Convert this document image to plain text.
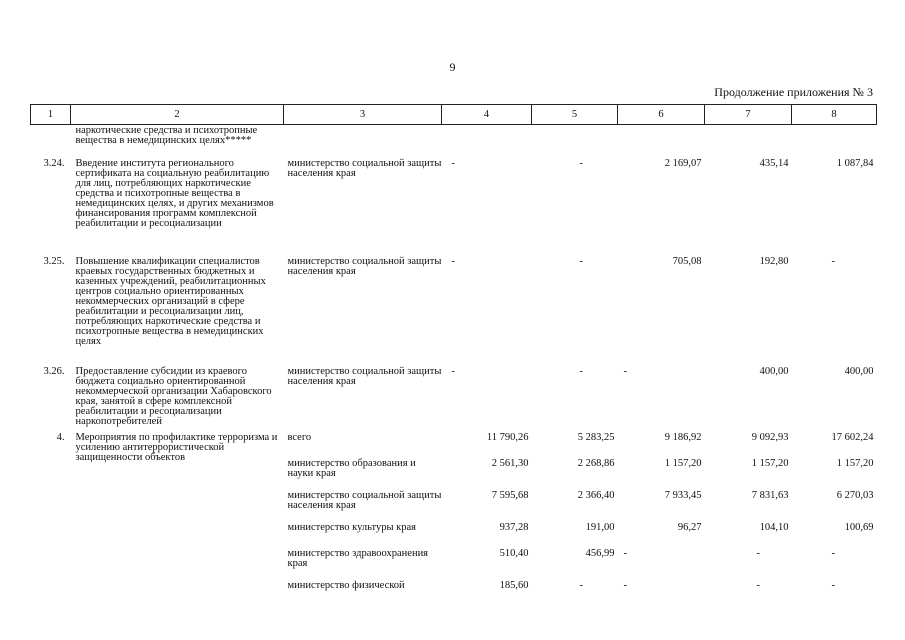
9
Продолжение приложения № 3
1	2	3	4	5	6	7	8
	наркотические средства и психотропные вещества в немедицинских целях*****						
3.24.	Введение института регионального сертификата на социальную реабилитацию для лиц, потребляющих наркотические средства и психотропные вещества в немедицинских целях, и других механизмов финансирования программ комплексной реабилитации и ресоциализации	министерство социальной защиты населения края	-	-	2 169,07	435,14	1 087,84
3.25.	Повышение квалификации специалистов краевых государственных бюджетных и казенных учреждений, реабилитационных центров социально ориентированных некоммерческих организаций в сфере реабилитации и ресоциализации лиц, потребляющих наркотические средства и психотропные вещества в немедицинских целях	министерство социальной защиты населения края	-	-	705,08	192,80	-
3.26.	Предоставление субсидии из краевого бюджета социально ориентированной некоммерческой организации Хабаровского края, занятой в сфере комплексной реабилитации и ресоциализации наркопотребителей	министерство социальной защиты населения края	-	-	-	400,00	400,00
4.	Мероприятия по профилактике терроризма и усилению антитеррористической защищенности объектов	всего	11 790,26	5 283,25	9 186,92	9 092,93	17 602,24
		министерство образования и науки края	2 561,30	2 268,86	1 157,20	1 157,20	1 157,20
		министерство социальной защиты населения края	7 595,68	2 366,40	7 933,45	7 831,63	6 270,03
		министерство культуры края	937,28	191,00	96,27	104,10	100,69
		министерство здравоохранения края	510,40	456,99	-	-	-
		министерство физической	185,60	-	-	-	-
